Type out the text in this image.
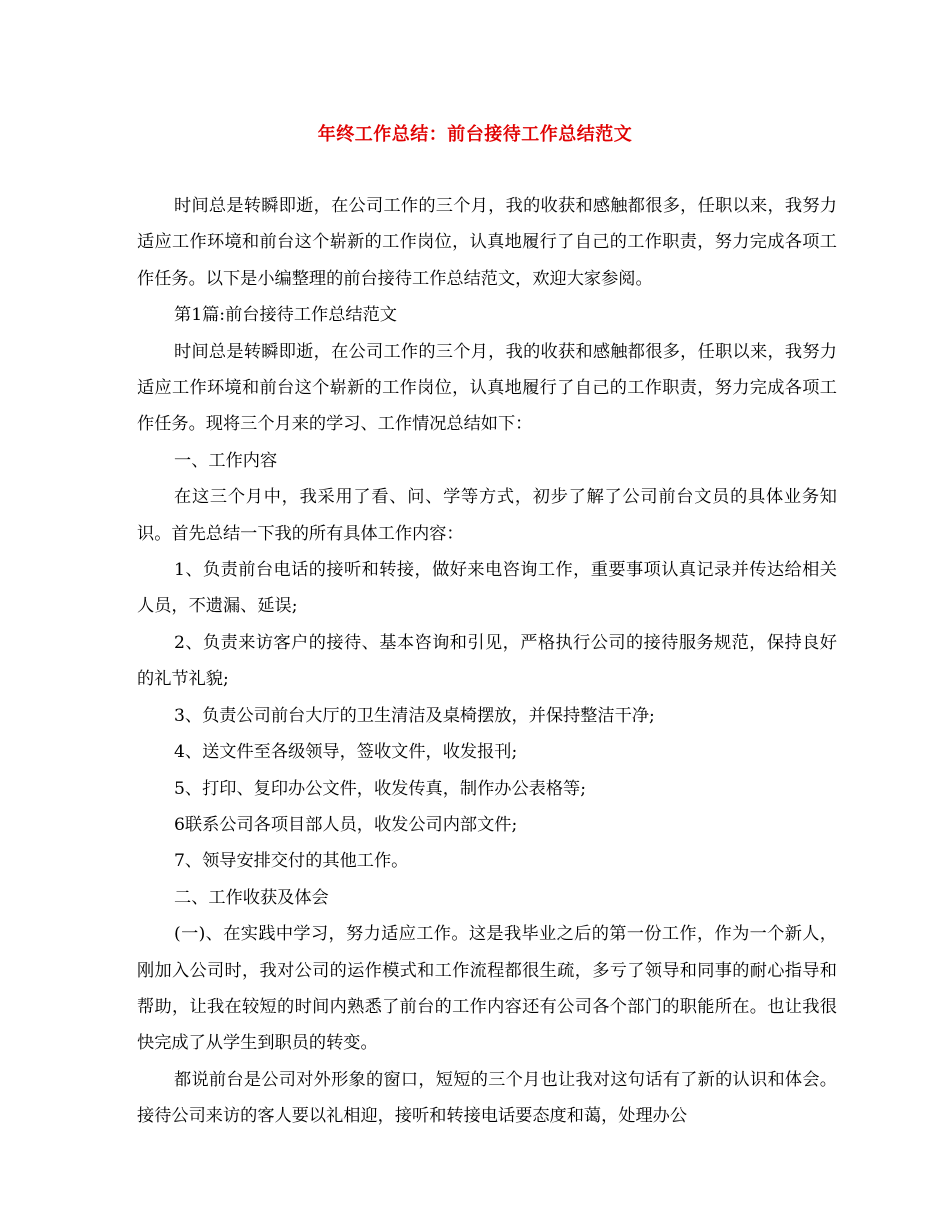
年终工作总结：前台接待工作总结范文

时间总是转瞬即逝，在公司工作的三个月，我的收获和感触都很多，任职以来，我努力适应工作环境和前台这个崭新的工作岗位，认真地履行了自己的工作职责，努力完成各项工作任务。以下是小编整理的前台接待工作总结范文，欢迎大家参阅。

第1篇:前台接待工作总结范文

时间总是转瞬即逝，在公司工作的三个月，我的收获和感触都很多，任职以来，我努力适应工作环境和前台这个崭新的工作岗位，认真地履行了自己的工作职责，努力完成各项工作任务。现将三个月来的学习、工作情况总结如下：

一、工作内容

在这三个月中，我采用了看、问、学等方式，初步了解了公司前台文员的具体业务知识。首先总结一下我的所有具体工作内容：

1、负责前台电话的接听和转接，做好来电咨询工作，重要事项认真记录并传达给相关人员，不遗漏、延误;

2、负责来访客户的接待、基本咨询和引见，严格执行公司的接待服务规范，保持良好的礼节礼貌;

3、负责公司前台大厅的卫生清洁及桌椅摆放，并保持整洁干净;

4、送文件至各级领导，签收文件，收发报刊;

5、打印、复印办公文件，收发传真，制作办公表格等;

6联系公司各项目部人员，收发公司内部文件;

7、领导安排交付的其他工作。

二、工作收获及体会

(一)、在实践中学习，努力适应工作。这是我毕业之后的第一份工作，作为一个新人，刚加入公司时，我对公司的运作模式和工作流程都很生疏，多亏了领导和同事的耐心指导和帮助，让我在较短的时间内熟悉了前台的工作内容还有公司各个部门的职能所在。也让我很快完成了从学生到职员的转变。

都说前台是公司对外形象的窗口，短短的三个月也让我对这句话有了新的认识和体会。接待公司来访的客人要以礼相迎，接听和转接电话要态度和蔼，处理办公
